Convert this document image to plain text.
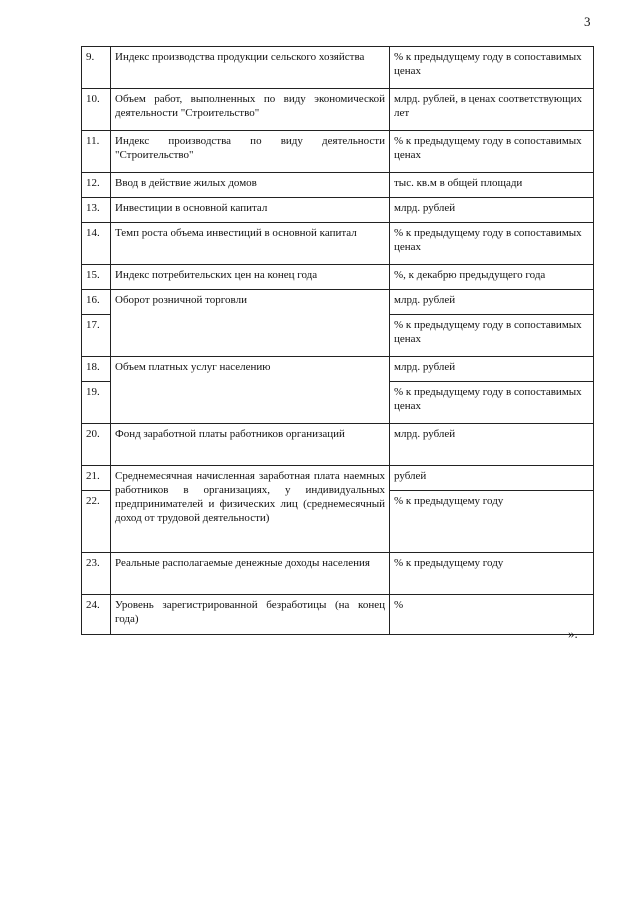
3
9.	Индекс производства продукции сельского хозяйства	% к предыдущему году в сопоставимых ценах
10.	Объем работ, выполненных по виду экономической деятельности "Строительство"	млрд. рублей, в ценах соответствующих лет
11.	Индекс производства по виду деятельности "Строительство"	% к предыдущему году в сопоставимых ценах
12.	Ввод в действие жилых домов	тыс. кв.м в общей площади
13.	Инвестиции в основной капитал	млрд. рублей
14.	Темп роста объема инвестиций в основной капитал	% к предыдущему году в сопоставимых ценах
15.	Индекс потребительских цен на конец года	%, к декабрю предыдущего года
16.	Оборот розничной торговли	млрд. рублей
17.		% к предыдущему году в сопоставимых ценах
18.	Объем платных услуг населению	млрд. рублей
19.		% к предыдущему году в сопоставимых ценах
20.	Фонд заработной платы работников организаций	млрд. рублей
21.	Среднемесячная начисленная заработная плата наемных работников в организациях, у индивидуальных предпринимателей и физических лиц (среднемесячный доход от трудовой деятельности)	рублей
22.		% к предыдущему году
23.	Реальные располагаемые денежные доходы населения	% к предыдущему году
24.	Уровень зарегистрированной безработицы (на конец года)	%
».
